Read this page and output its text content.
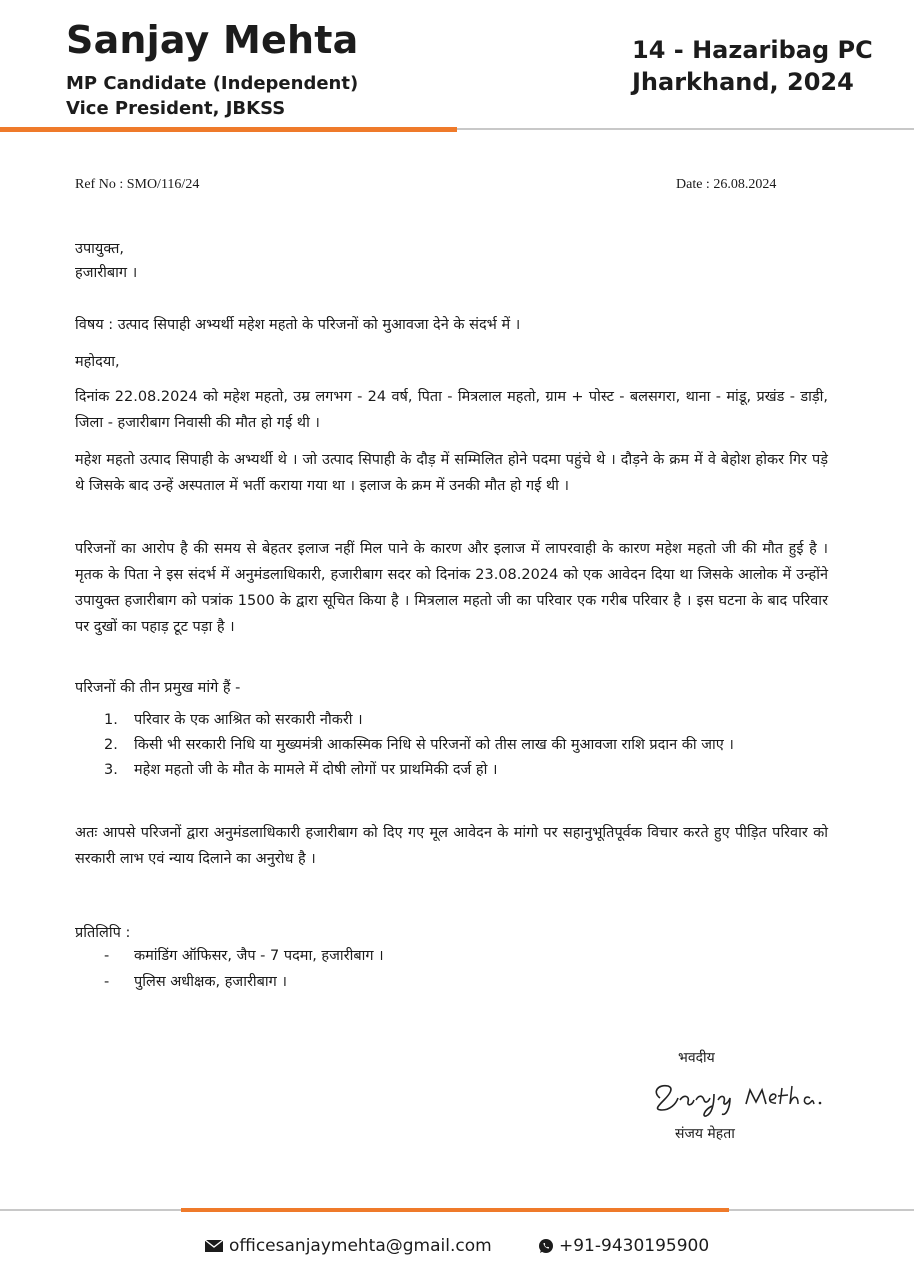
Sanjay Mehta
MP Candidate (Independent)
Vice President, JBKSS
14 - Hazaribag PC
Jharkhand, 2024
Ref No : SMO/116/24	Date : 26.08.2024
उपायुक्त,
हजारीबाग ।
विषय : उत्पाद सिपाही अभ्यर्थी महेश महतो के परिजनों को मुआवजा देने के संदर्भ में ।
महोदया,
दिनांक 22.08.2024 को महेश महतो, उम्र लगभग - 24 वर्ष, पिता - मित्रलाल महतो, ग्राम + पोस्ट - बलसगरा, थाना - मांडू, प्रखंड - डाड़ी, जिला - हजारीबाग निवासी की मौत हो गई थी ।
महेश महतो उत्पाद सिपाही के अभ्यर्थी थे । जो उत्पाद सिपाही के दौड़ में सम्मिलित होने पदमा पहुंचे थे । दौड़ने के क्रम में वे बेहोश होकर गिर पड़े थे जिसके बाद उन्हें अस्पताल में भर्ती कराया गया था । इलाज के क्रम में उनकी मौत हो गई थी ।
परिजनों का आरोप है की समय से बेहतर इलाज नहीं मिल पाने के कारण और इलाज में लापरवाही के कारण महेश महतो जी की मौत हुई है । मृतक के पिता ने इस संदर्भ में अनुमंडलाधिकारी, हजारीबाग सदर को दिनांक 23.08.2024 को एक आवेदन दिया था जिसके आलोक में उन्होंने उपायुक्त हजारीबाग को पत्रांक 1500 के द्वारा सूचित किया है । मित्रलाल महतो जी का परिवार एक गरीब परिवार है । इस घटना के बाद परिवार पर दुखों का पहाड़ टूट पड़ा है ।
परिजनों की तीन प्रमुख मांगे हैं -
1.	परिवार के एक आश्रित को सरकारी नौकरी ।
2.	किसी भी सरकारी निधि या मुख्यमंत्री आकस्मिक निधि से परिजनों को तीस लाख की मुआवजा राशि प्रदान की जाए ।
3.	महेश महतो जी के मौत के मामले में दोषी लोगों पर प्राथमिकी दर्ज हो ।
अतः आपसे परिजनों द्वारा अनुमंडलाधिकारी हजारीबाग को दिए गए मूल आवेदन के मांगो पर सहानुभूतिपूर्वक विचार करते हुए पीड़ित परिवार को सरकारी लाभ एवं न्याय दिलाने का अनुरोध है ।
प्रतिलिपि :
- कमांडिंग ऑफिसर, जैप - 7 पदमा, हजारीबाग ।
- पुलिस अधीक्षक, हजारीबाग ।
भवदीय
संजय मेहता
officesanjaymehta@gmail.com	+91-9430195900
